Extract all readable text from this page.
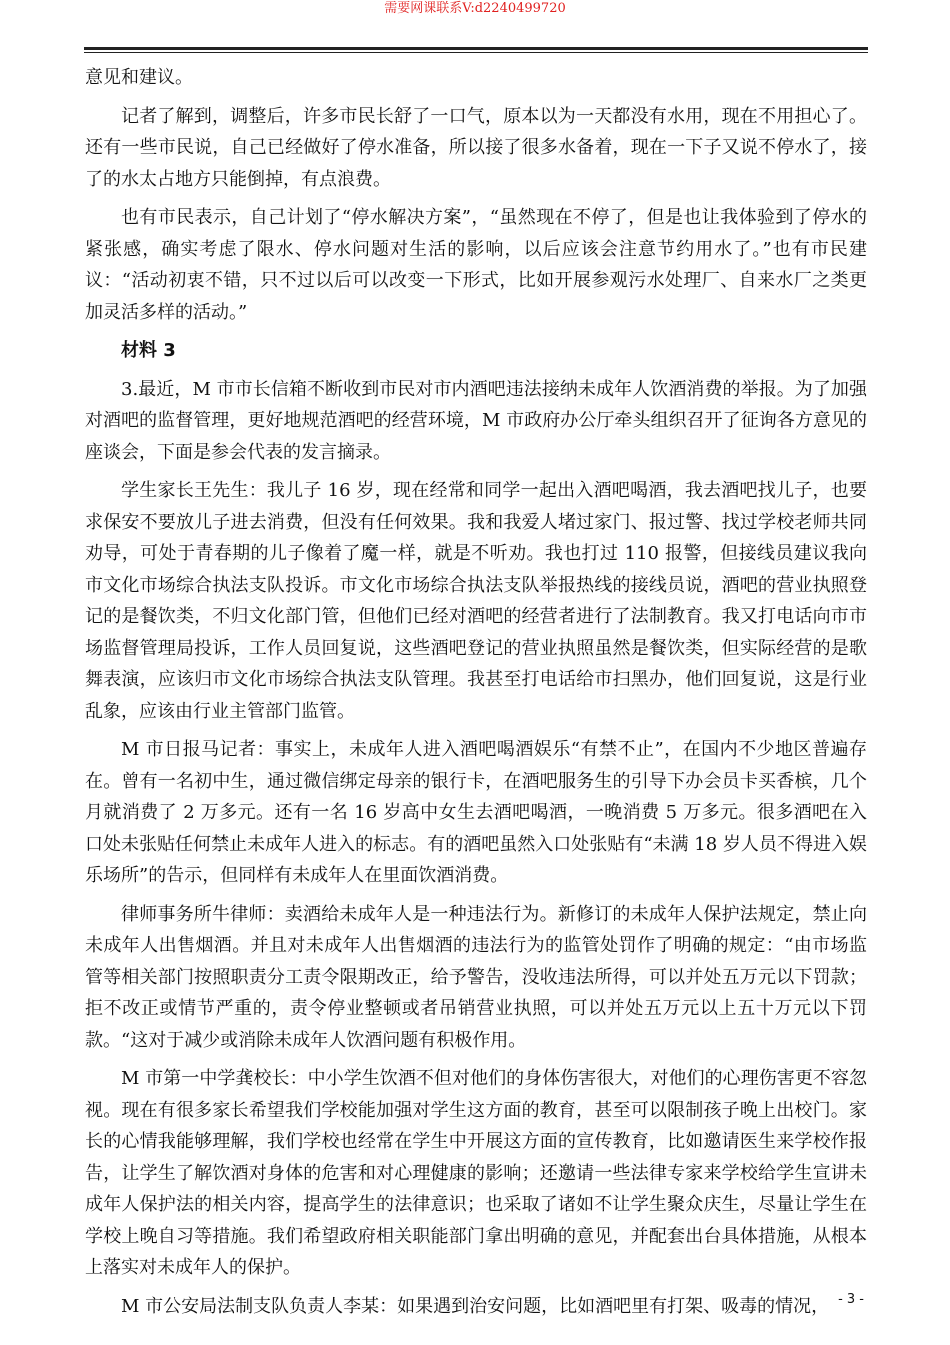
需要网课联系V:d2240499720

意见和建议。

记者了解到，调整后，许多市民长舒了一口气，原本以为一天都没有水用，现在不用担心了。还有一些市民说，自己已经做好了停水准备，所以接了很多水备着，现在一下子又说不停水了，接了的水太占地方只能倒掉，有点浪费。

也有市民表示，自己计划了“停水解决方案”，“虽然现在不停了，但是也让我体验到了停水的紧张感，确实考虑了限水、停水问题对生活的影响，以后应该会注意节约用水了。”也有市民建议：“活动初衷不错，只不过以后可以改变一下形式，比如开展参观污水处理厂、自来水厂之类更加灵活多样的活动。”

材料 3

3.最近，M 市市长信箱不断收到市民对市内酒吧违法接纳未成年人饮酒消费的举报。为了加强对酒吧的监督管理，更好地规范酒吧的经营环境，M 市政府办公厅牵头组织召开了征询各方意见的座谈会，下面是参会代表的发言摘录。

学生家长王先生：我儿子 16 岁，现在经常和同学一起出入酒吧喝酒，我去酒吧找儿子，也要求保安不要放儿子进去消费，但没有任何效果。我和我爱人堵过家门、报过警、找过学校老师共同劝导，可处于青春期的儿子像着了魔一样，就是不听劝。我也打过 110 报警，但接线员建议我向市文化市场综合执法支队投诉。市文化市场综合执法支队举报热线的接线员说，酒吧的营业执照登记的是餐饮类，不归文化部门管，但他们已经对酒吧的经营者进行了法制教育。我又打电话向市市场监督管理局投诉，工作人员回复说，这些酒吧登记的营业执照虽然是餐饮类，但实际经营的是歌舞表演，应该归市文化市场综合执法支队管理。我甚至打电话给市扫黑办，他们回复说，这是行业乱象，应该由行业主管部门监管。

M 市日报马记者：事实上，未成年人进入酒吧喝酒娱乐“有禁不止”，在国内不少地区普遍存在。曾有一名初中生，通过微信绑定母亲的银行卡，在酒吧服务生的引导下办会员卡买香槟，几个月就消费了 2 万多元。还有一名 16 岁高中女生去酒吧喝酒，一晚消费 5 万多元。很多酒吧在入口处未张贴任何禁止未成年人进入的标志。有的酒吧虽然入口处张贴有“未满 18 岁人员不得进入娱乐场所”的告示，但同样有未成年人在里面饮酒消费。

律师事务所牛律师：卖酒给未成年人是一种违法行为。新修订的未成年人保护法规定，禁止向未成年人出售烟酒。并且对未成年人出售烟酒的违法行为的监管处罚作了明确的规定：“由市场监管等相关部门按照职责分工责令限期改正，给予警告，没收违法所得，可以并处五万元以下罚款；拒不改正或情节严重的，责令停业整顿或者吊销营业执照，可以并处五万元以上五十万元以下罚款。“这对于减少或消除未成年人饮酒问题有积极作用。

M 市第一中学龚校长：中小学生饮酒不但对他们的身体伤害很大，对他们的心理伤害更不容忽视。现在有很多家长希望我们学校能加强对学生这方面的教育，甚至可以限制孩子晚上出校门。家长的心情我能够理解，我们学校也经常在学生中开展这方面的宣传教育，比如邀请医生来学校作报告，让学生了解饮酒对身体的危害和对心理健康的影响；还邀请一些法律专家来学校给学生宣讲未成年人保护法的相关内容，提高学生的法律意识；也采取了诸如不让学生聚众庆生，尽量让学生在学校上晚自习等措施。我们希望政府相关职能部门拿出明确的意见，并配套出台具体措施，从根本上落实对未成年人的保护。

M 市公安局法制支队负责人李某：如果遇到治安问题，比如酒吧里有打架、吸毒的情况， - 3 -
